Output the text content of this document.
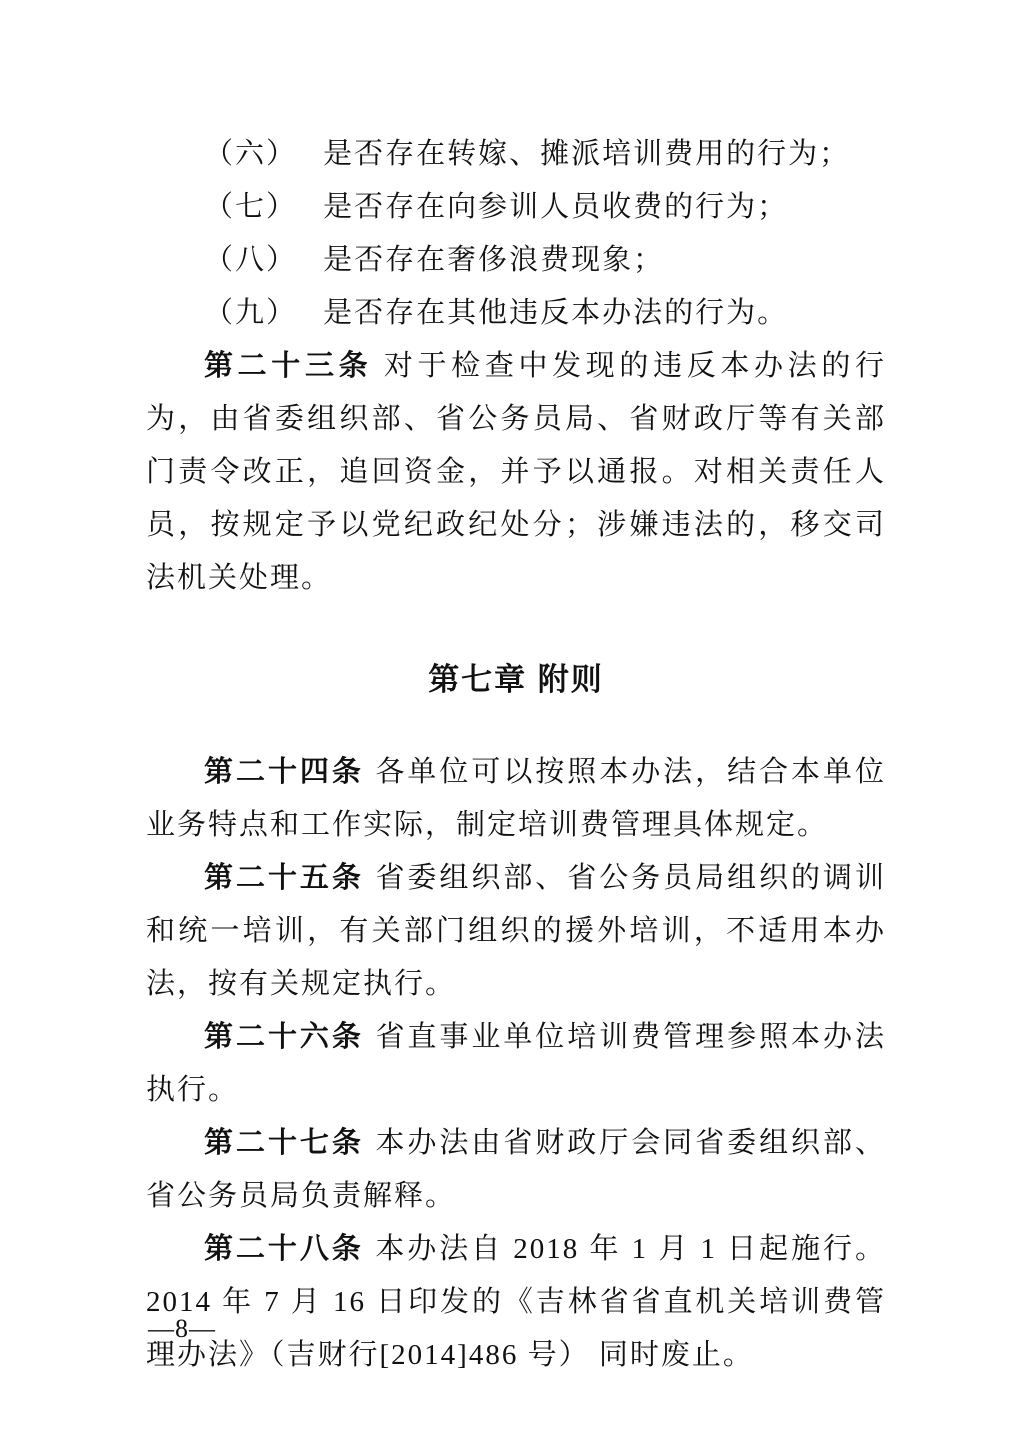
（六） 是否存在转嫁、摊派培训费用的行为；
（七） 是否存在向参训人员收费的行为；
（八） 是否存在奢侈浪费现象；
（九） 是否存在其他违反本办法的行为。

第二十三条 对于检查中发现的违反本办法的行为，由省委组织部、省公务员局、省财政厅等有关部门责令改正，追回资金，并予以通报。对相关责任人员，按规定予以党纪政纪处分；涉嫌违法的，移交司法机关处理。

第七章 附则

第二十四条 各单位可以按照本办法，结合本单位业务特点和工作实际，制定培训费管理具体规定。

第二十五条 省委组织部、省公务员局组织的调训和统一培训，有关部门组织的援外培训，不适用本办法，按有关规定执行。

第二十六条 省直事业单位培训费管理参照本办法执行。

第二十七条 本办法由省财政厅会同省委组织部、省公务员局负责解释。

第二十八条 本办法自 2018 年 1 月 1 日起施行。2014 年 7 月 16 日印发的《吉林省省直机关培训费管理办法》（吉财行[2014]486 号） 同时废止。

—8—
